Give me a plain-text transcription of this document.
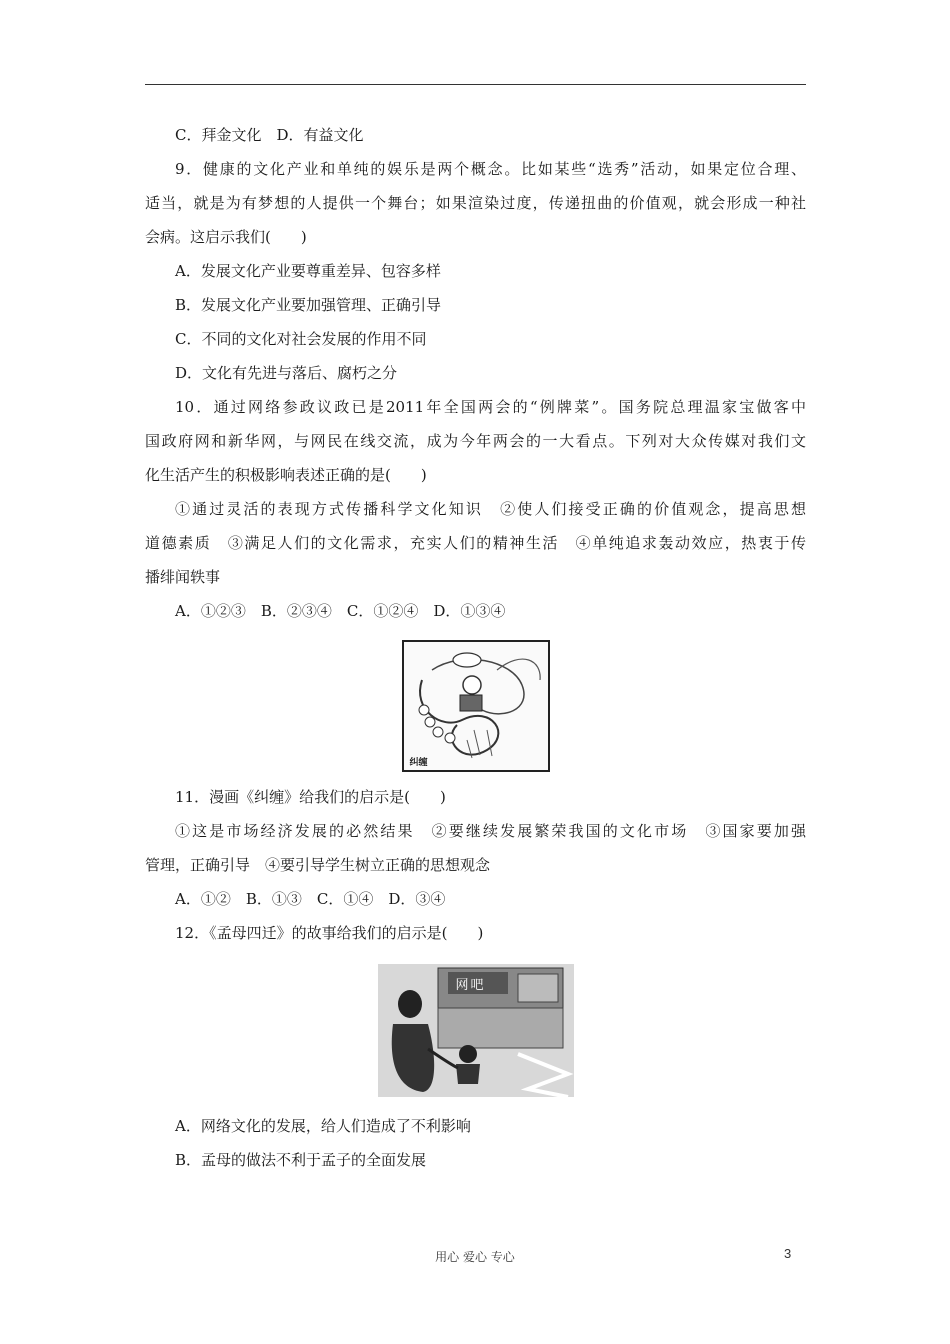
C．拜金文化　D．有益文化
9．健康的文化产业和单纯的娱乐是两个概念。比如某些“选秀”活动，如果定位合理、
适当，就是为有梦想的人提供一个舞台；如果渲染过度，传递扭曲的价值观，就会形成一种社
会病。这启示我们(　　)
A．发展文化产业要尊重差异、包容多样
B．发展文化产业要加强管理、正确引导
C．不同的文化对社会发展的作用不同
D．文化有先进与落后、腐朽之分
10．通过网络参政议政已是2011年全国两会的“例牌菜”。国务院总理温家宝做客中
国政府网和新华网，与网民在线交流，成为今年两会的一大看点。下列对大众传媒对我们文
化生活产生的积极影响表述正确的是(　　)
①通过灵活的表现方式传播科学文化知识　②使人们接受正确的价值观念，提高思想
道德素质　③满足人们的文化需求，充实人们的精神生活　④单纯追求轰动效应，热衷于传
播绯闻轶事
A．①②③　B．②③④　C．①②④　D．①③④
纠缠
11．漫画《纠缠》给我们的启示是(　　)
①这是市场经济发展的必然结果　②要继续发展繁荣我国的文化市场　③国家要加强
管理，正确引导　④要引导学生树立正确的思想观念
A．①②　B．①③　C．①④　D．③④
12．《孟母四迁》的故事给我们的启示是(　　)
网吧
A．网络文化的发展，给人们造成了不利影响
B．孟母的做法不利于孟子的全面发展
用心 爱心 专心	3
